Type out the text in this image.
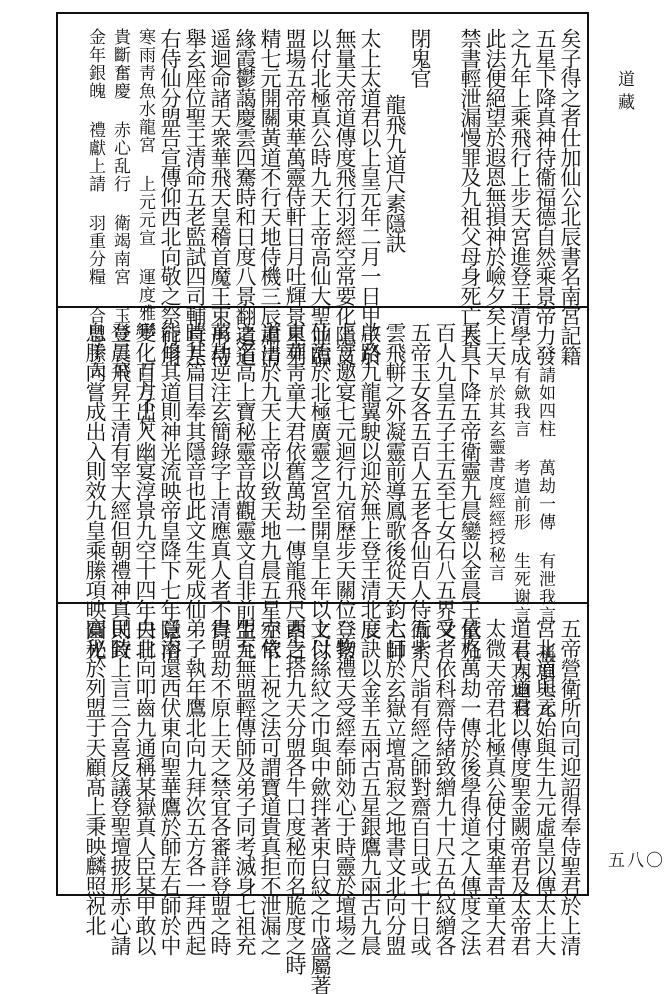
道藏
五八〇
矣子得之者仕加仙公北辰書名南宮記籍
五星下降真神待衞福德自然乘景帝力發
之九年上乘飛行上步天宮進登王清學成
此法便絕望於遐恩無損神於嶮夕矣上天
禁書輕泄漏慢罪及九祖父母身死亡長
閉鬼官
龍飛九道尺素隱訣
太上太道君以上皇元年二月一日甲子於
無量天帝道傳度飛行羽經空常要化隱文
以付北極真公時九天上帝高仙大聖並臨
盟場五帝東華萬靈侍軒日月吐輝景星列
精七元開關黃道不行天地侍機三辰肅清
緣霞鬱藹慶雲四騫時和日度八景翻遺道
遥迴命諸天衆華飛天皇稽首魔王束形侍
舉玄座位聖王清命五老監試四司輔真左
右侍仙分盟告宣傳仰西北向敬之祭行用
寒雨靑魚水龍宮 上元元宣 運度雅形 日月不侍
貴斷奮慶 赤心乱行 衛竭南宮 玉曼五宮
金年銀魄 禮獻上請 羽重分糧 合盟千天
息縢向嘗成出入則效九皇乘縢項映圓光 登晨飛昇王清有宰大經但朝禮神真則致 變化百方出入幽宴淳景九空十四年白日 能修其道則神光流映帝皇降下七年隱浴 時其篇目奉其隱音也此文生死成仙 萬劫逆注玄簡錄字上清應真人者不得 之名高上寶秘靈音故觀靈文自非前生九 道出於九天上帝以致天地九晨五星空常 東華靑童大君依舊萬劫一傳龍飛尺素之 仙治於北極廣靈之宮至開皇上年以文付 上宮邀宴七元迴行九宿歷步天關位登紫 啟路九龍翼駛以迎於無上登王清北辰 雲飛軿之外凝靈前導鳳歌後從天鈞六師 五帝玉女各五百人五老各仙百人侍衞紫 百人九皇五子王五至七女石八五界又 天真下降五帝衛靈九晨鑾以金晨王量九 早於其玄靈書度經經授秘言 有歛我言 考遣前形 生死谢言 長閉幽寢 請如四柱 萬劫一傳 有泄我言 稱罰七玄
齋秘於列盟于天顧髙上秉映麟照祝北 民時上言三合喜反議登聖壇披形赤心請 央北向叩齒九通稱某嶽真人臣某甲敢以 竟南還西伏東向聖華鷹於師左右師於中 弟子執年鷹北向九拜次五方各一拜西起 貴盟劫不原上天之禁宜各審詳登盟之時 盟至無盟輕傳師及弟子同考滅身七祖充 赤依上祝之法可謂寶道貴真拒不泄漏之 西告搭九天分盟各牛口度秘而名脆度之時 上以絲紋之巾與中歛拌著束白紋之巾盛屬著 二物禮天受經奉師効心于時靈於壇場之 度訣以金羊五兩古五星銀鷹九兩古九晨 七日於玄嶽立壇髙寂之地書文北向分盟 五十尺詣有經之師對齋百日或七十日或 受者依科齋侍緒致繒九十尺五色紋繒各 依格萬劫一傳於後學得道之人傳度之法 太微天帝君北極真公使付東華靑童大君 道君大道君以傳度聖金闕帝君及太帝君 宮北道與元始與生九元虛皇以傳太上大 五帝營衛所向司迎詔得奉侍聖君於上清
